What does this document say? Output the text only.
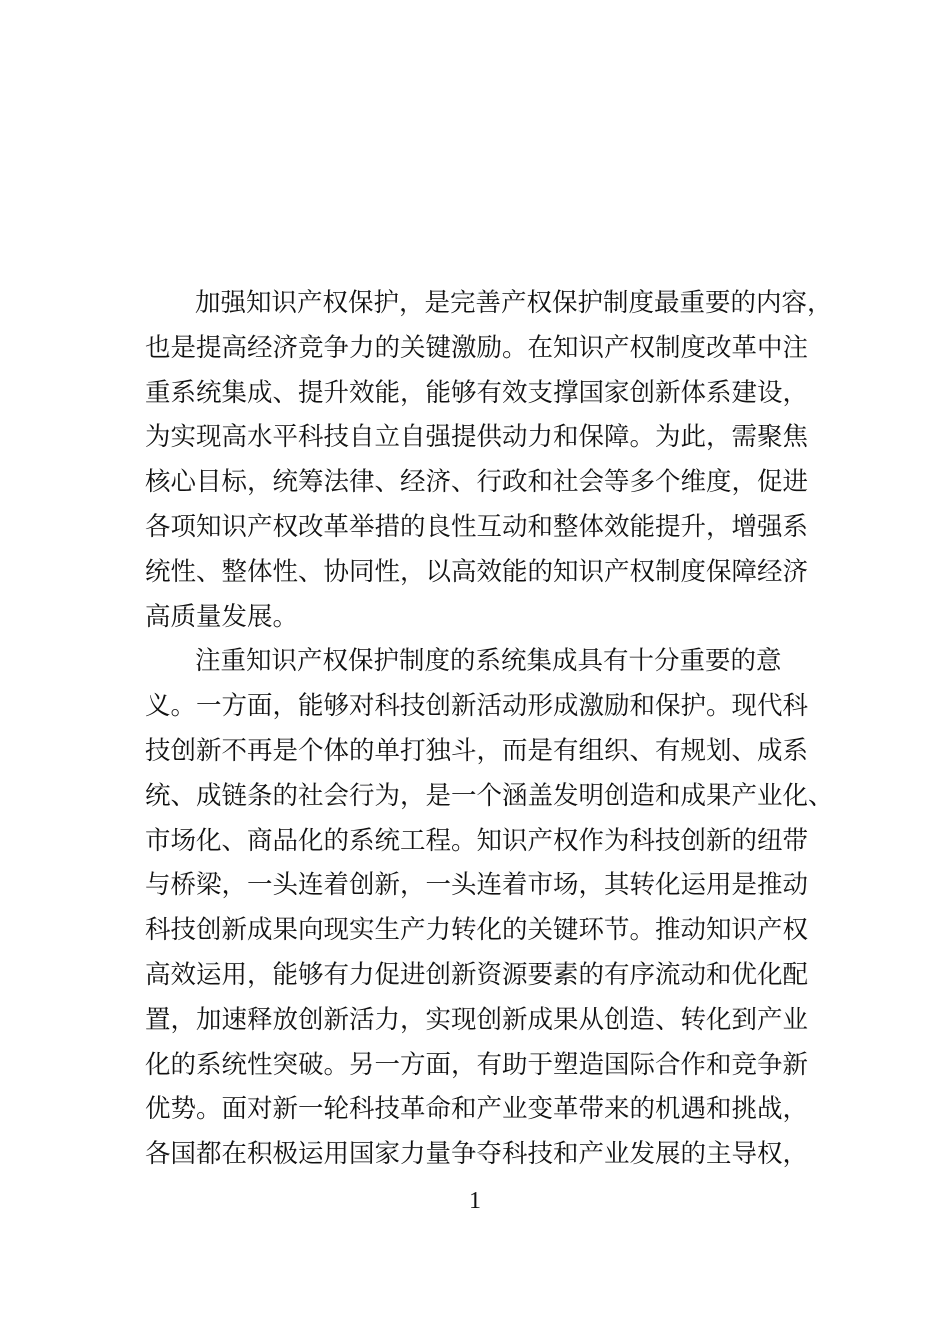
加强知识产权保护，是完善产权保护制度最重要的内容，
也是提高经济竞争力的关键激励。在知识产权制度改革中注
重系统集成、提升效能，能够有效支撑国家创新体系建设，
为实现高水平科技自立自强提供动力和保障。为此，需聚焦
核心目标，统筹法律、经济、行政和社会等多个维度，促进
各项知识产权改革举措的良性互动和整体效能提升，增强系
统性、整体性、协同性，以高效能的知识产权制度保障经济
高质量发展。
注重知识产权保护制度的系统集成具有十分重要的意
义。一方面，能够对科技创新活动形成激励和保护。现代科
技创新不再是个体的单打独斗，而是有组织、有规划、成系
统、成链条的社会行为，是一个涵盖发明创造和成果产业化、
市场化、商品化的系统工程。知识产权作为科技创新的纽带
与桥梁，一头连着创新，一头连着市场，其转化运用是推动
科技创新成果向现实生产力转化的关键环节。推动知识产权
高效运用，能够有力促进创新资源要素的有序流动和优化配
置，加速释放创新活力，实现创新成果从创造、转化到产业
化的系统性突破。另一方面，有助于塑造国际合作和竞争新
优势。面对新一轮科技革命和产业变革带来的机遇和挑战，
各国都在积极运用国家力量争夺科技和产业发展的主导权，
1
